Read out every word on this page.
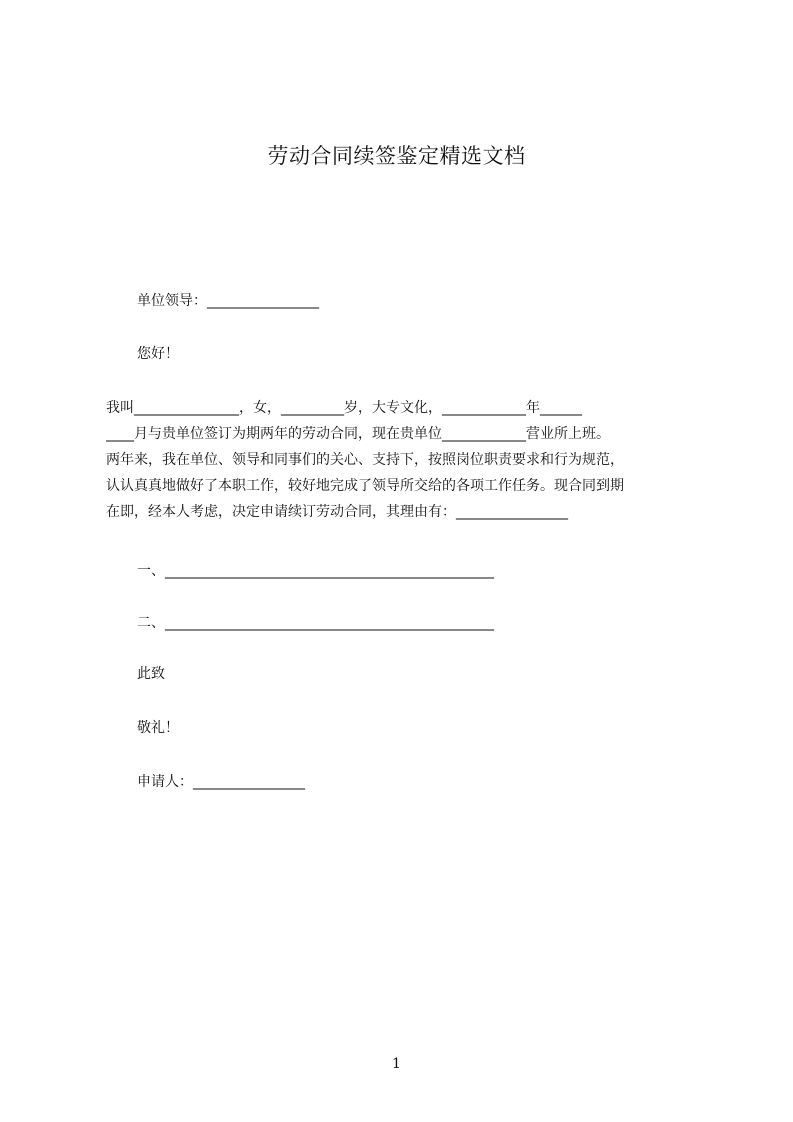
劳动合同续签鉴定精选文档
单位领导：________________
您好！
我叫_______________，女，_________岁，大专文化，____________年______
____月与贵单位签订为期两年的劳动合同，现在贵单位____________营业所上班。
两年来，我在单位、领导和同事们的关心、支持下，按照岗位职责要求和行为规范，
认认真真地做好了本职工作，较好地完成了领导所交给的各项工作任务。现合同到期
在即，经本人考虑，决定申请续订劳动合同，其理由有：________________
一、_______________________________________________
二、_______________________________________________
此致
敬礼！
申请人：________________
1
